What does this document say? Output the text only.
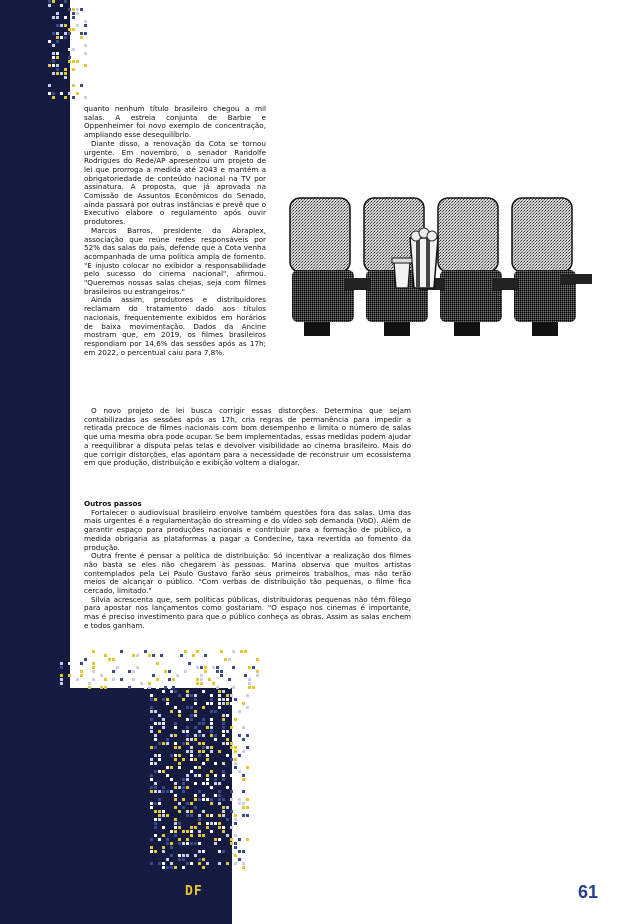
quanto nenhum título brasileiro chegou a mil salas. A estreia conjunta de Barbie e Oppenheimer foi novo exemplo de concentração, ampliando esse desequilíbrio.

Diante disso, a renovação da Cota se tornou urgente. Em novembro, o senador Randolfe Rodrigues do Rede/AP apresentou um projeto de lei que prorroga a medida até 2043 e mantém a obrigatoriedade de conteúdo nacional na TV por assinatura. A proposta, que já aprovada na Comissão de Assuntos Econômicos do Senado, ainda passará por outras instâncias e prevê que o Executivo elabore o regulamento após ouvir produtores.

Marcos Barros, presidente da Abraplex, associação que reúne redes responsáveis por 52% das salas do país, defende que a Cota venha acompanhada de uma política ampla de fomento. "É injusto colocar no exibidor a responsabilidade pelo sucesso do cinema nacional", afirmou. "Queremos nossas salas cheias, seja com filmes brasileiros ou estrangeiros."

Ainda assim, produtores e distribuidores reclamam do tratamento dado aos títulos nacionais, frequentemente exibidos em horários de baixa movimentação. Dados da Ancine mostram que, em 2019, os filmes brasileiros respondiam por 14,6% das sessões após as 17h; em 2022, o percentual caiu para 7,8%.

O novo projeto de lei busca corrigir essas distorções. Determina que sejam contabilizadas as sessões após as 17h, cria regras de permanência para impedir a retirada precoce de filmes nacionais com bom desempenho e limita o número de salas que uma mesma obra pode ocupar. Se bem implementadas, essas medidas podem ajudar a reequilibrar a disputa pelas telas e devolver visibilidade ao cinema brasileiro. Mais do que corrigir distorções, elas apontam para a necessidade de reconstruir um ecossistema em que produção, distribuição e exibição voltem a dialogar.

Outros passos

Fortalecer o audiovisual brasileiro envolve também questões fora das salas. Uma das mais urgentes é a regulamentação do streaming e do vídeo sob demanda (VoD). Além de garantir espaço para produções nacionais e contribuir para a formação de público, a medida obrigaria as plataformas a pagar a Condecine, taxa revertida ao fomento da produção.

Outra frente é pensar a política de distribuição. Só incentivar a realização dos filmes não basta se eles não chegarem às pessoas. Marina observa que muitos artistas contemplados pela Lei Paulo Gustavo farão seus primeiros trabalhos, mas não terão meios de alcançar o público. "Com verbas de distribuição tão pequenas, o filme fica cercado, limitado."

Silvia acrescenta que, sem políticas públicas, distribuidoras pequenas não têm fôlego para apostar nos lançamentos como gostariam. "O espaço nos cinemas é importante, mas é preciso investimento para que o público conheça as obras. Assim as salas enchem e todos ganham.

DF	61
